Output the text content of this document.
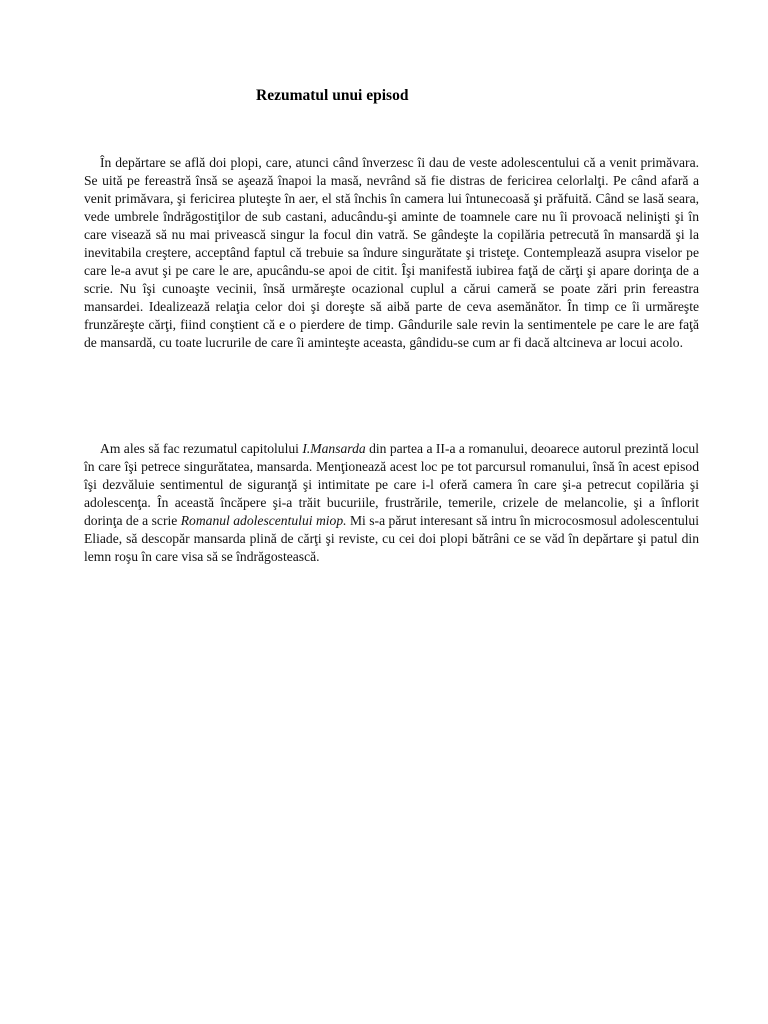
Rezumatul unui episod

În depărtare se află doi plopi, care, atunci când înverzesc îi dau de veste adolescentului că a venit primăvara. Se uită pe fereastră însă se aşează înapoi la masă, nevrând să fie distras de fericirea celorlalţi. Pe când afară a venit primăvara, şi fericirea pluteşte în aer, el stă închis în camera lui întunecoasă şi prăfuită. Când se lasă seara, vede umbrele îndrăgostiţilor de sub castani, aducându-şi aminte de toamnele care nu îi provoacă nelinişti şi în care visează să nu mai privească singur la focul din vatră. Se gândeşte la copilăria petrecută în mansardă şi la inevitabila creştere, acceptând faptul că trebuie sa îndure singurătate şi tristeţe. Contemplează asupra viselor pe care le-a avut şi pe care le are, apucându-se apoi de citit. Îşi manifestă iubirea faţă de cărţi şi apare dorinţa de a scrie. Nu îşi cunoaşte vecinii, însă urmăreşte ocazional cuplul a cărui cameră se poate zări prin fereastra mansardei. Idealizează relaţia celor doi şi doreşte să aibă parte de ceva asemănător. În timp ce îi urmăreşte frunzăreşte cărţi, fiind conştient că e o pierdere de timp. Gândurile sale revin la sentimentele pe care le are faţă de mansardă, cu toate lucrurile de care îi aminteşte aceasta, gândidu-se cum ar fi dacă altcineva ar locui acolo.

Am ales să fac rezumatul capitolului I.Mansarda din partea a II-a a romanului, deoarece autorul prezintă locul în care îşi petrece singurătatea, mansarda. Menţionează acest loc pe tot parcursul romanului, însă în acest episod îşi dezvăluie sentimentul de siguranţă şi intimitate pe care i-l oferă camera în care şi-a petrecut copilăria şi adolescenţa. În această încăpere şi-a trăit bucuriile, frustrările, temerile, crizele de melancolie, şi a înflorit dorinţa de a scrie Romanul adolescentului miop. Mi s-a părut interesant să intru în microcosmosul adolescentului Eliade, să descopăr mansarda plină de cărţi şi reviste, cu cei doi plopi bătrâni ce se văd în depărtare şi patul din lemn roşu în care visa să se îndrăgostească.
